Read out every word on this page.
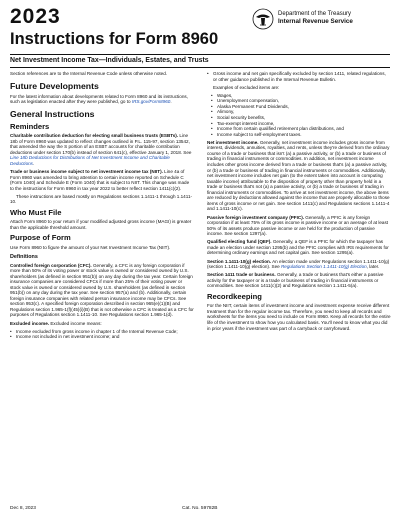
2023
Instructions for Form 8960
Department of the Treasury
Internal Revenue Service
Net Investment Income Tax—Individuals, Estates, and Trusts

Section references are to the Internal Revenue Code unless otherwise noted.

Future Developments

For the latest information about developments related to Form 8960 and its instructions, such as legislation enacted after they were published, go to IRS.gov/Form8960.

General Instructions
Reminders

Charitable contribution deduction for electing small business trusts (ESBTs). Line 18b of Form 8960 was updated to reflect changes outlined in P.L. 115-97, section 13542, that amended the way the S portion of an ESBT accounts for charitable contribution deductions under section 170(b) instead of section 641(c), effective January 1, 2018. See Line 18b Deductions for Distributions of Net Investment Income and Charitable Deductions.

Trade or business income subject to net investment income tax (NIIT). Line 4a of Form 8960 was amended to bring attention to certain income reported on Schedule C (Form 1040) and Schedule E (Form 1040) that is subject to NIIT. This change was made to the instructions for Form 8960 in tax year 2022 to better reflect section 1411(c)(2).

These instructions are based mostly on Regulations sections 1.1411-1 through 1.1411-10.

Who Must File

Attach Form 8960 to your return if your modified adjusted gross income (MAGI) is greater than the applicable threshold amount.

Purpose of Form

Use Form 8960 to figure the amount of your Net Investment Income Tax (NIIT).

Definitions

Controlled foreign corporation (CFC). Generally, a CFC is any foreign corporation if more than 50% of its voting power or stock value is owned or considered owned by U.S. shareholders (as defined in section 951(b)) on any day during the tax year. Certain foreign insurance companies are considered CFCs if more than 25% of their voting power or stock value is owned or considered owned by U.S. shareholders (as defined in section 951(b)) on any day during the tax year. See section 957(a) and (b). Additionally, certain foreign insurance companies with related person insurance income may be CFCs. See section 953(c). A specified foreign corporation described in section 965(e)(1)(B) and Regulations section 1.965-1(f)(45)(i)(B) that is not otherwise a CFC is treated as a CFC for purposes of Regulations section 1.1411-10. See Regulations section 1.965-1(d).

Excluded income. Excluded income means:

• Income excluded from gross income in chapter 1 of the Internal Revenue Code;
• Income not included in net investment income; and
• Gross income and net gain specifically excluded by section 1411, related regulations, or other guidance published in the Internal Revenue Bulletin.

Examples of excluded items are:

• Wages,
• Unemployment compensation,
• Alaska Permanent Fund Dividends,
• Alimony,
• Social security benefits,
• Tax-exempt interest income,
• Income from certain qualified retirement plan distributions, and
• Income subject to self-employment taxes.

Net investment income. Generally, net investment income includes gross income from interest, dividends, annuities, royalties, and rents, unless they're derived from the ordinary course of a trade or business that isn't (a) a passive activity, or (b) a trade or business of trading in financial instruments or commodities. In addition, net investment income includes other gross income derived from a trade or business that's (a) a passive activity, or (b) a trade or business of trading in financial instruments or commodities. Additionally, net investment income includes net gain (to the extent taken into account in computing taxable income) attributable to the disposition of property other than property held in a trade or business that's not (a) a passive activity, or (b) a trade or business of trading in financial instruments or commodities. To arrive at net investment income, the above items are reduced by deductions allowed against the income that are properly allocable to those items of gross income or net gain. See section 1411(c) and Regulations sections 1.1411-4 and 1.1411-10(c).

Passive foreign investment company (PFIC). Generally, a PFIC is any foreign corporation if at least 75% of its gross income is passive income or an average of at least 50% of its assets produce passive income or are held for the production of passive income. See section 1297(a).

Qualified electing fund (QEF). Generally, a QEF is a PFIC for which the taxpayer has made an election under section 1295(b) and the PFIC complies with IRS requirements for determining ordinary earnings and net capital gain. See section 1295(a).

Section 1.1411-10(g) election. An election made under Regulations section 1.1411-10(g) (section 1.1411-10(g) election). See Regulations Section 1.1411-10(g) Election, later.

Section 1411 trade or business. Generally, a trade or business that's either a passive activity for the taxpayer or is a trade or business of trading in financial instruments or commodities. See section 1411(c)(2) and Regulations section 1.1411-5(a).

Recordkeeping

For the NIIT, certain items of investment income and investment expense receive different treatment than for the regular income tax. Therefore, you need to keep all records and worksheets for the items you need to include on Form 8960. Keep all records for the entire life of the investment to show how you calculated basis. You'll need to know what you did in prior years if the investment was part of a carryback or carryforward.

Dec 8, 2023	Cat. No. 59782B
